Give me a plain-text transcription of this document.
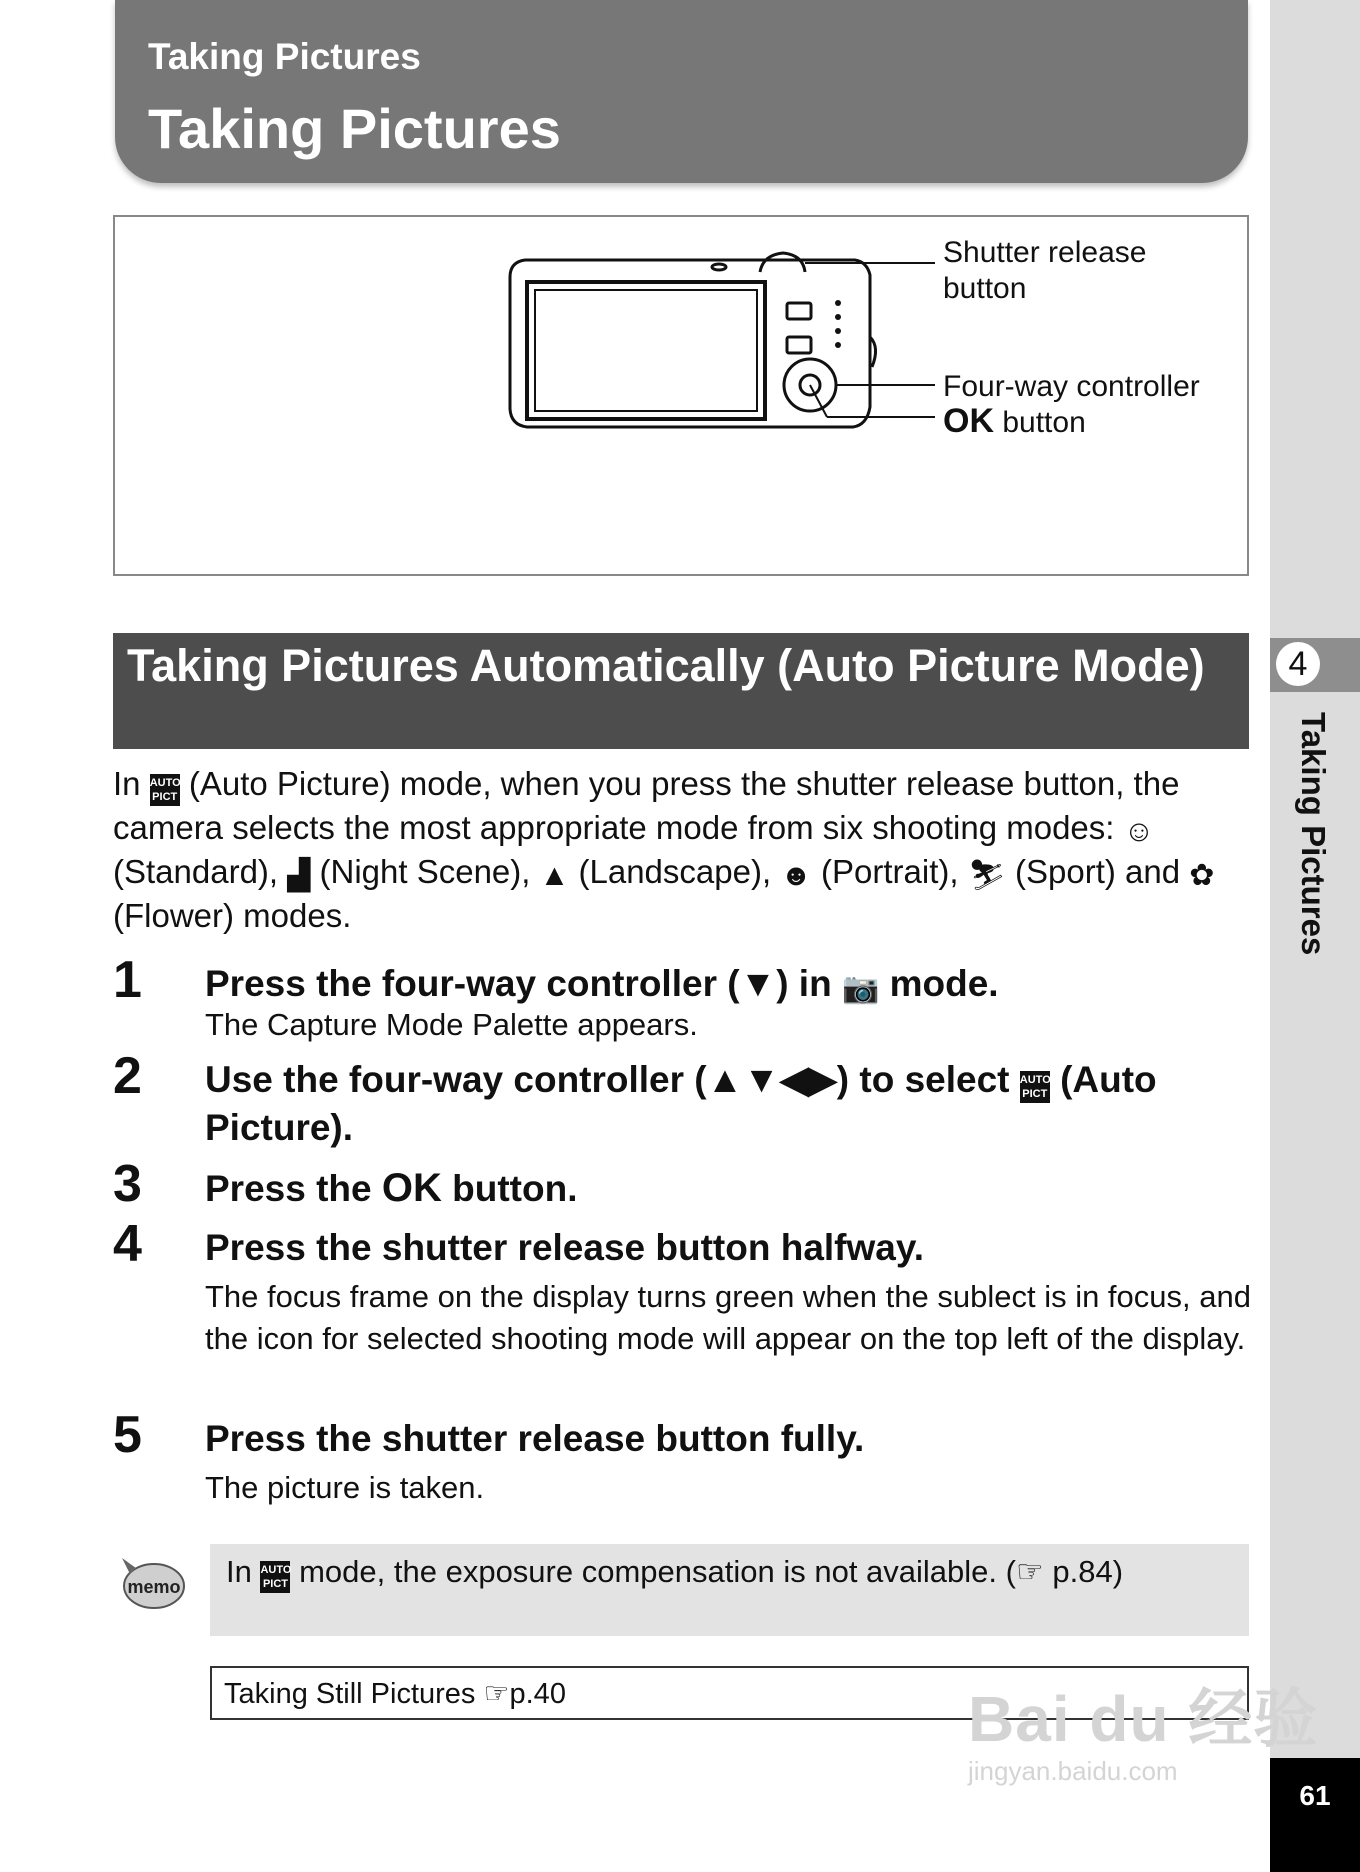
4
Taking Pictures
61
Taking Pictures
Taking Pictures
Shutter release
button
Four-way controller
OK button
Taking Pictures Automatically (Auto Picture Mode)
In AUTO
PICT (Auto Picture) mode, when you press the shutter release button, the camera selects the most appropriate mode from six shooting modes: ☺ (Standard), ▟ (Night Scene), ▲ (Landscape), ☻ (Portrait), ⛷ (Sport) and ✿ (Flower) modes.
1 Press the four-way controller (▼) in 📷 mode.
The Capture Mode Palette appears.
2 Use the four-way controller (▲▼◀▶) to select AUTO
PICT (Auto Picture).
3 Press the OK button.
4 Press the shutter release button halfway.
The focus frame on the display turns green when the sublect is in focus, and the icon for selected shooting mode will appear on the top left of the display.
5 Press the shutter release button fully.
The picture is taken.
memo	In AUTO
PICT mode, the exposure compensation is not available. (☞ p.84)
Taking Still Pictures ☞p.40	Bai du 经验
jingyan.baidu.com
